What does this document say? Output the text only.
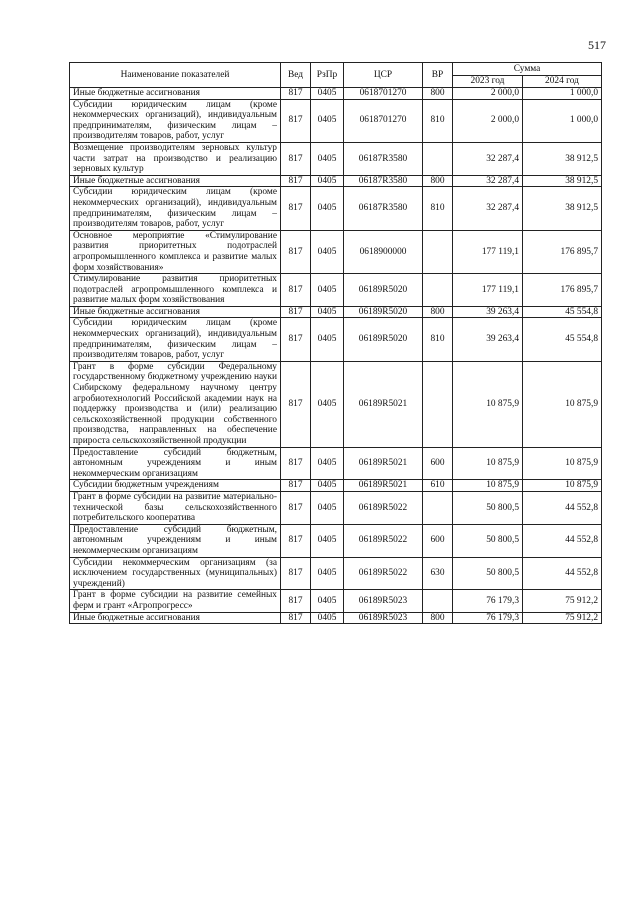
517
Наименование показателей	Вед	РзПр	ЦСР	ВР	Сумма	
					2023 год	2024 год
Иные бюджетные ассигнования	817	0405	0618701270	800	2 000,0	1 000,0
Субсидии юридическим лицам (кроме некоммерческих организаций), индивидуальным предпринимателям, физическим лицам – производителям товаров, работ, услуг	817	0405	0618701270	810	2 000,0	1 000,0
Возмещение производителям зерновых культур части затрат на производство и реализацию зерновых культур	817	0405	06187R3580		32 287,4	38 912,5
Иные бюджетные ассигнования	817	0405	06187R3580	800	32 287,4	38 912,5
Субсидии юридическим лицам (кроме некоммерческих организаций), индивидуальным предпринимателям, физическим лицам – производителям товаров, работ, услуг	817	0405	06187R3580	810	32 287,4	38 912,5
Основное мероприятие «Стимулирование развития приоритетных подотраслей агропромышленного комплекса и развитие малых форм хозяйствования»	817	0405	0618900000		177 119,1	176 895,7
Стимулирование развития приоритетных подотраслей агропромышленного комплекса и развитие малых форм хозяйствования	817	0405	06189R5020		177 119,1	176 895,7
Иные бюджетные ассигнования	817	0405	06189R5020	800	39 263,4	45 554,8
Субсидии юридическим лицам (кроме некоммерческих организаций), индивидуальным предпринимателям, физическим лицам – производителям товаров, работ, услуг	817	0405	06189R5020	810	39 263,4	45 554,8
Грант в форме субсидии Федеральному государственному бюджетному учреждению науки Сибирскому федеральному научному центру агробиотехнологий Российской академии наук на поддержку производства и (или) реализацию сельскохозяйственной продукции собственного производства, направленных на обеспечение прироста сельскохозяйственной продукции	817	0405	06189R5021		10 875,9	10 875,9
Предоставление субсидий бюджетным, автономным учреждениям и иным некоммерческим организациям	817	0405	06189R5021	600	10 875,9	10 875,9
Субсидии бюджетным учреждениям	817	0405	06189R5021	610	10 875,9	10 875,9
Грант в форме субсидии на развитие материально-технической базы сельскохозяйственного потребительского кооператива	817	0405	06189R5022		50 800,5	44 552,8
Предоставление субсидий бюджетным, автономным учреждениям и иным некоммерческим организациям	817	0405	06189R5022	600	50 800,5	44 552,8
Субсидии некоммерческим организациям (за исключением государственных (муниципальных) учреждений)	817	0405	06189R5022	630	50 800,5	44 552,8
Грант в форме субсидии на развитие семейных ферм и грант «Агропрогресс»	817	0405	06189R5023		76 179,3	75 912,2
Иные бюджетные ассигнования	817	0405	06189R5023	800	76 179,3	75 912,2
